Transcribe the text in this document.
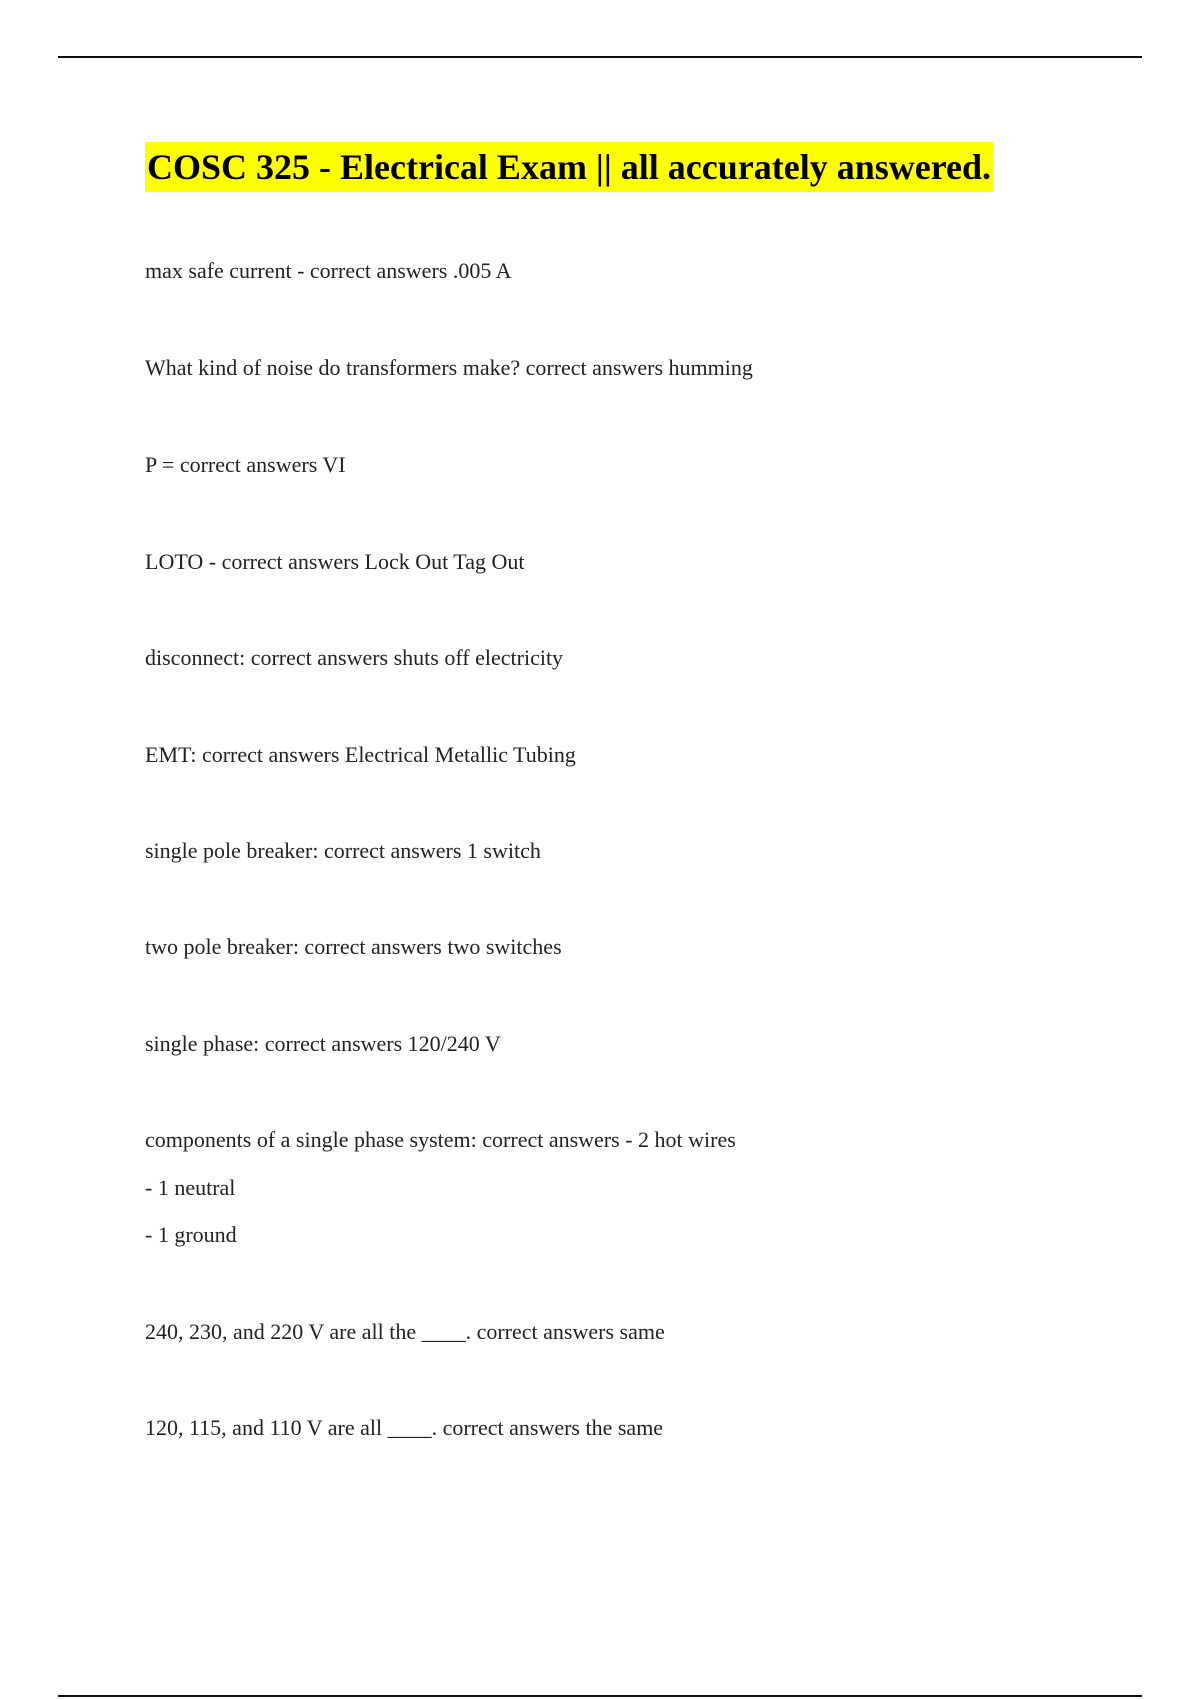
COSC 325 - Electrical Exam || all accurately answered.
max safe current - correct answers .005 A
What kind of noise do transformers make? correct answers humming
P = correct answers VI
LOTO - correct answers Lock Out Tag Out
disconnect: correct answers shuts off electricity
EMT: correct answers Electrical Metallic Tubing
single pole breaker: correct answers 1 switch
two pole breaker: correct answers two switches
single phase: correct answers 120/240 V
components of a single phase system: correct answers - 2 hot wires
- 1 neutral
- 1 ground
240, 230, and 220 V are all the ____. correct answers same
120, 115, and 110 V are all ____. correct answers the same
